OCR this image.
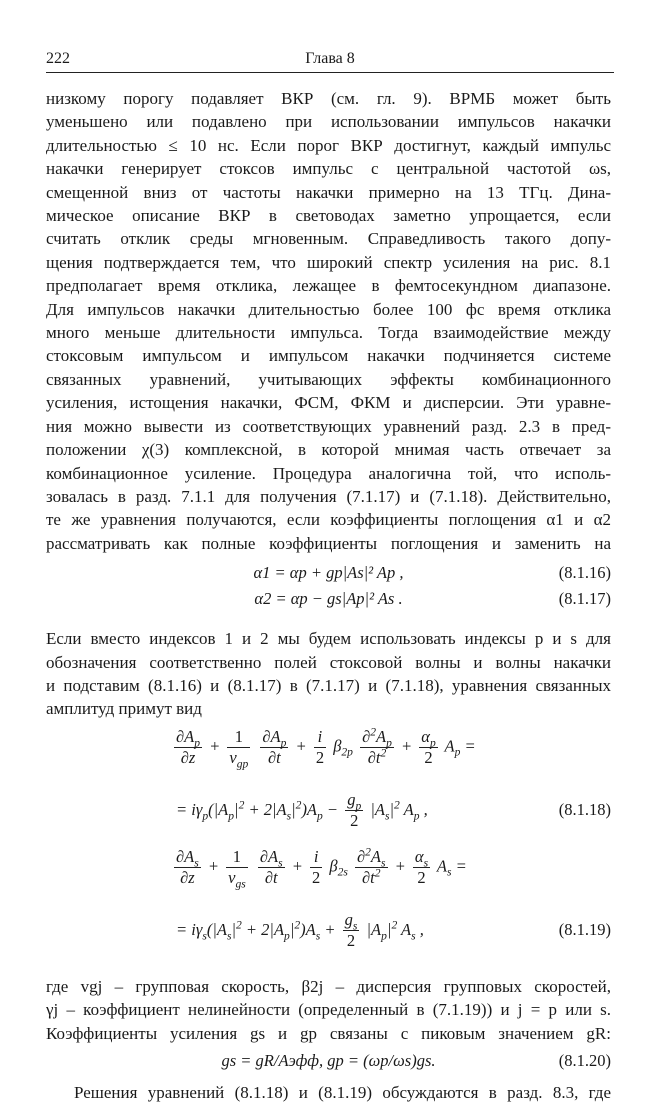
222	Глава 8
низкому порогу подавляет ВКР (см. гл. 9). ВРМБ может быть
уменьшено или подавлено при использовании импульсов накачки
длительностью ≤ 10 нс. Если порог ВКР достигнут, каждый импульс
накачки генерирует стоксов импульс с центральной частотой ωs,
смещенной вниз от частоты накачки примерно на 13 ТГц. Дина-
мическое описание ВКР в световодах заметно упрощается, если
считать отклик среды мгновенным. Справедливость такого допу-
щения подтверждается тем, что широкий спектр усиления на рис. 8.1
предполагает время отклика, лежащее в фемтосекундном диапазоне.
Для импульсов накачки длительностью более 100 фс время отклика
много меньше длительности импульса. Тогда взаимодействие между
стоксовым импульсом и импульсом накачки подчиняется системе
связанных уравнений, учитывающих эффекты комбинационного
усиления, истощения накачки, ФСМ, ФКМ и дисперсии. Эти уравне-
ния можно вывести из соответствующих уравнений разд. 2.3 в пред-
положении χ(3) комплексной, в которой мнимая часть отвечает за
комбинационное усиление. Процедура аналогична той, что исполь-
зовалась в разд. 7.1.1 для получения (7.1.17) и (7.1.18). Действительно,
те же уравнения получаются, если коэффициенты поглощения α1 и α2
рассматривать как полные коэффициенты поглощения и заменить на
α1 = αp + gp|As|² Ap ,	(8.1.16)
α2 = αp − gs|Ap|² As .	(8.1.17)
Если вместо индексов 1 и 2 мы будем использовать индексы p и s для
обозначения соответственно полей стоксовой волны и волны накачки
и подставим (8.1.16) и (8.1.17) в (7.1.17) и (7.1.18), уравнения связанных
амплитуд примут вид
$\frac{\partial A_p}{\partial z} + \frac{1}{v_{gp}}$
$\frac{\partial A_p}{\partial t} + \frac{i}{2} \beta_{2p} \frac{\partial^2A_p}{\partial t^2} + \frac{\alpha_p}{2} A_p$ =
= $i\gamma_p(|A_p|^2 + 2|A_s|^2)A_p - \frac{g_p}{2} |A_s|^2$ $A_p$ ,	(8.1.18)
$\frac{\partial A_s}{\partial z} + \frac{1}{v_{gs}}$
$\frac{\partial A_s}{\partial t} + \frac{i}{2} \beta_{2s} \frac{\partial^2A_s}{\partial t^2} + \frac{\alpha_s}{2} A_s$ =
= $i\gamma_s(|A_s|^2 + 2|A_p|^2)A_s + \frac{g_s}{2} |A_p|^2$ $A_s$ ,	(8.1.19)
где vgj – групповая скорость, β2j – дисперсия групповых скоростей,
γj – коэффициент нелинейности (определенный в (7.1.19)) и j = p или s.
Коэффициенты усиления gs и gp связаны с пиковым значением gR:
gs = gR/Aэфф, gp = (ωp/ωs)gs.	(8.1.20)
Решения уравнений (8.1.18) и (8.1.19) обсуждаются в разд. 8.3, где
